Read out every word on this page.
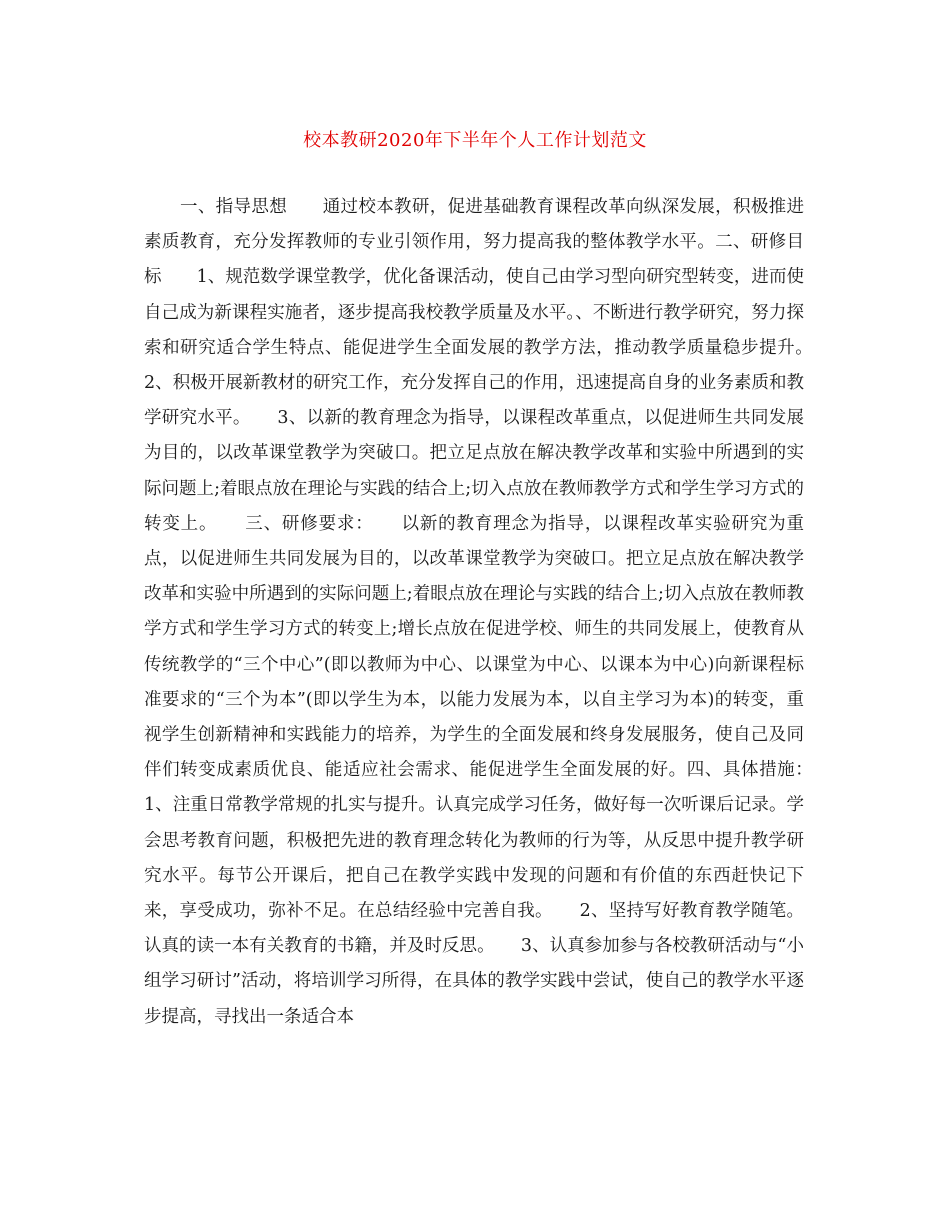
校本教研2020年下半年个人工作计划范文

一、指导思想　　通过校本教研，促进基础教育课程改革向纵深发展，积极推进素质教育，充分发挥教师的专业引领作用，努力提高我的整体教学水平。二、研修目标　　1、规范数学课堂教学，优化备课活动，使自己由学习型向研究型转变，进而使自己成为新课程实施者，逐步提高我校教学质量及水平。、不断进行教学研究，努力探索和研究适合学生特点、能促进学生全面发展的教学方法，推动教学质量稳步提升。　　2、积极开展新教材的研究工作，充分发挥自己的作用，迅速提高自身的业务素质和教学研究水平。　　3、以新的教育理念为指导，以课程改革重点，以促进师生共同发展为目的，以改革课堂教学为突破口。把立足点放在解决教学改革和实验中所遇到的实际问题上;着眼点放在理论与实践的结合上;切入点放在教师教学方式和学生学习方式的转变上。　　三、研修要求：　　以新的教育理念为指导，以课程改革实验研究为重点，以促进师生共同发展为目的，以改革课堂教学为突破口。把立足点放在解决教学改革和实验中所遇到的实际问题上;着眼点放在理论与实践的结合上;切入点放在教师教学方式和学生学习方式的转变上;增长点放在促进学校、师生的共同发展上，使教育从传统教学的“三个中心”(即以教师为中心、以课堂为中心、以课本为中心)向新课程标准要求的“三个为本”(即以学生为本，以能力发展为本，以自主学习为本)的转变，重视学生创新精神和实践能力的培养，为学生的全面发展和终身发展服务，使自己及同伴们转变成素质优良、能适应社会需求、能促进学生全面发展的好。四、具体措施：　　1、注重日常教学常规的扎实与提升。认真完成学习任务，做好每一次听课后记录。学会思考教育问题，积极把先进的教育理念转化为教师的行为等，从反思中提升教学研究水平。每节公开课后，把自己在教学实践中发现的问题和有价值的东西赶快记下来，享受成功，弥补不足。在总结经验中完善自我。　　2、坚持写好教育教学随笔。认真的读一本有关教育的书籍，并及时反思。　　3、认真参加参与各校教研活动与“小组学习研讨”活动，将培训学习所得，在具体的教学实践中尝试，使自己的教学水平逐步提高，寻找出一条适合本
